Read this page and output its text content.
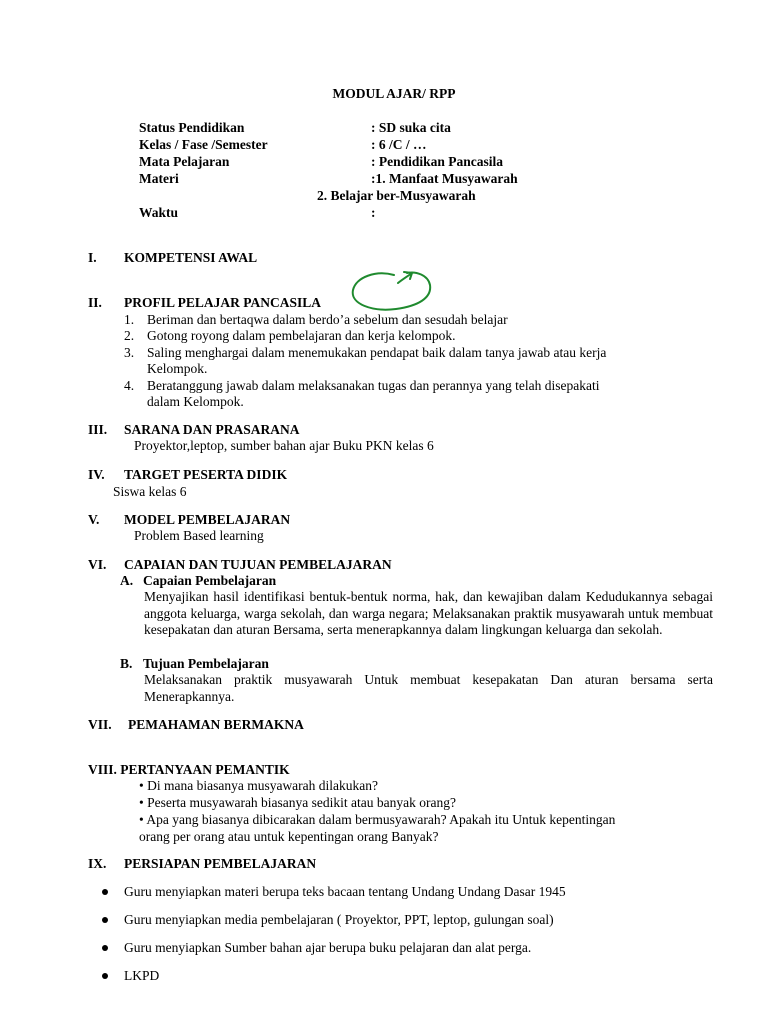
MODUL AJAR/ RPP
Status Pendidikan	: SD suka cita
Kelas / Fase /Semester	: 6 /C / …
Mata Pelajaran	: Pendidikan Pancasila
Materi	:1. Manfaat Musyawarah
2. Belajar ber-Musyawarah
Waktu	:
I. KOMPETENSI AWAL
II. PROFIL PELAJAR PANCASILA
1. Beriman dan bertaqwa dalam berdo’a sebelum dan sesudah belajar
2. Gotong royong dalam pembelajaran dan kerja kelompok.
3. Saling menghargai dalam menemukakan pendapat baik dalam tanya jawab atau kerja
Kelompok.
4. Beratanggung jawab dalam melaksanakan tugas dan perannya yang telah disepakati
dalam Kelompok.
III. SARANA DAN PRASARANA
Proyektor,leptop, sumber bahan ajar Buku PKN kelas 6
IV. TARGET PESERTA DIDIK
Siswa kelas 6
V. MODEL PEMBELAJARAN
Problem Based learning
VI. CAPAIAN DAN TUJUAN PEMBELAJARAN
A. Capaian Pembelajaran
Menyajikan hasil identifikasi bentuk-bentuk norma, hak, dan kewajiban dalam Kedudukannya sebagai anggota keluarga, warga sekolah, dan warga negara; Melaksanakan praktik musyawarah untuk membuat kesepakatan dan aturan Bersama, serta menerapkannya dalam lingkungan keluarga dan sekolah.
B. Tujuan Pembelajaran
Melaksanakan praktik musyawarah Untuk membuat kesepakatan Dan aturan bersama serta Menerapkannya.
VII. PEMAHAMAN BERMAKNA
VIII. PERTANYAAN PEMANTIK
• Di mana biasanya musyawarah dilakukan?
• Peserta musyawarah biasanya sedikit atau banyak orang?
• Apa yang biasanya dibicarakan dalam bermusyawarah? Apakah itu Untuk kepentingan
orang per orang atau untuk kepentingan orang Banyak?
IX. PERSIAPAN PEMBELAJARAN
Guru menyiapkan materi berupa teks bacaan tentang Undang Undang Dasar 1945
Guru menyiapkan media pembelajaran ( Proyektor, PPT, leptop, gulungan soal)
Guru menyiapkan Sumber bahan ajar berupa buku pelajaran dan alat perga.
LKPD
